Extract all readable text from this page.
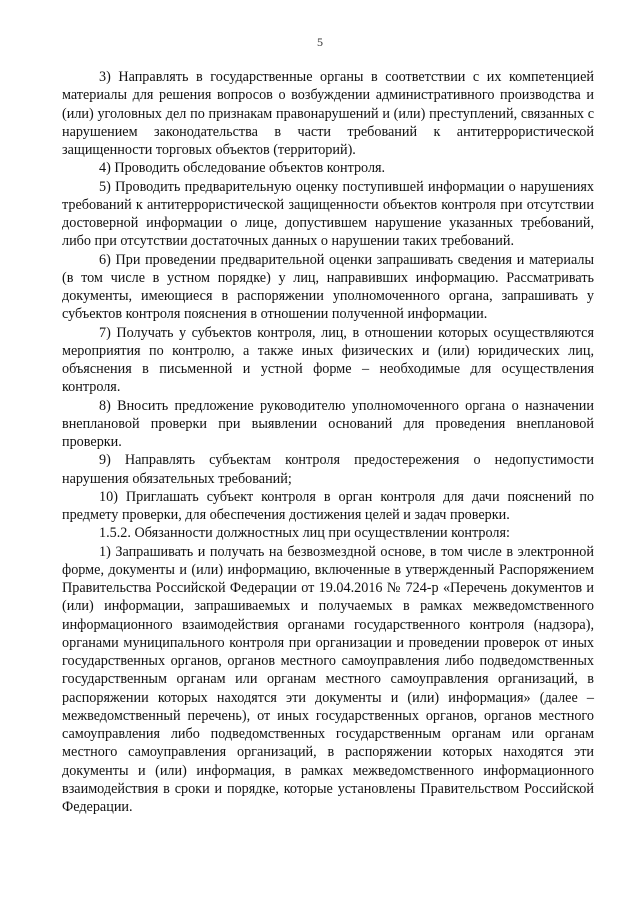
5

3) Направлять в государственные органы в соответствии с их компетенцией материалы для решения вопросов о возбуждении административного производства и (или) уголовных дел по признакам правонарушений и (или) преступлений, связанных с нарушением законодательства в части требований к антитеррористической защищенности торговых объектов (территорий).

4) Проводить обследование объектов контроля.

5) Проводить предварительную оценку поступившей информации о нарушениях требований к антитеррористической защищенности объектов контроля при отсутствии достоверной информации о лице, допустившем нарушение указанных требований, либо при отсутствии достаточных данных о нарушении таких требований.

6) При проведении предварительной оценки запрашивать сведения и материалы (в том числе в устном порядке) у лиц, направивших информацию. Рассматривать документы, имеющиеся в распоряжении уполномоченного органа, запрашивать у субъектов контроля пояснения в отношении полученной информации.

7) Получать у субъектов контроля, лиц, в отношении которых осуществляются мероприятия по контролю, а также иных физических и (или) юридических лиц, объяснения в письменной и устной форме – необходимые для осуществления контроля.

8) Вносить предложение руководителю уполномоченного органа о назначении внеплановой проверки при выявлении оснований для проведения внеплановой проверки.

9) Направлять субъектам контроля предостережения о недопустимости нарушения обязательных требований;

10) Приглашать субъект контроля в орган контроля для дачи пояснений по предмету проверки, для обеспечения достижения целей и задач проверки.

1.5.2. Обязанности должностных лиц при осуществлении контроля:

1) Запрашивать и получать на безвозмездной основе, в том числе в электронной форме, документы и (или) информацию, включенные в утвержденный Распоряжением Правительства Российской Федерации от 19.04.2016 № 724-р «Перечень документов и (или) информации, запрашиваемых и получаемых в рамках межведомственного информационного взаимодействия органами государственного контроля (надзора), органами муниципального контроля при организации и проведении проверок от иных государственных органов, органов местного самоуправления либо подведомственных государственным органам или органам местного самоуправления организаций, в распоряжении которых находятся эти документы и (или) информация» (далее – межведомственный перечень), от иных государственных органов, органов местного самоуправления либо подведомственных государственным органам или органам местного самоуправления организаций, в распоряжении которых находятся эти документы и (или) информация, в рамках межведомственного информационного взаимодействия в сроки и порядке, которые установлены Правительством Российской Федерации.
